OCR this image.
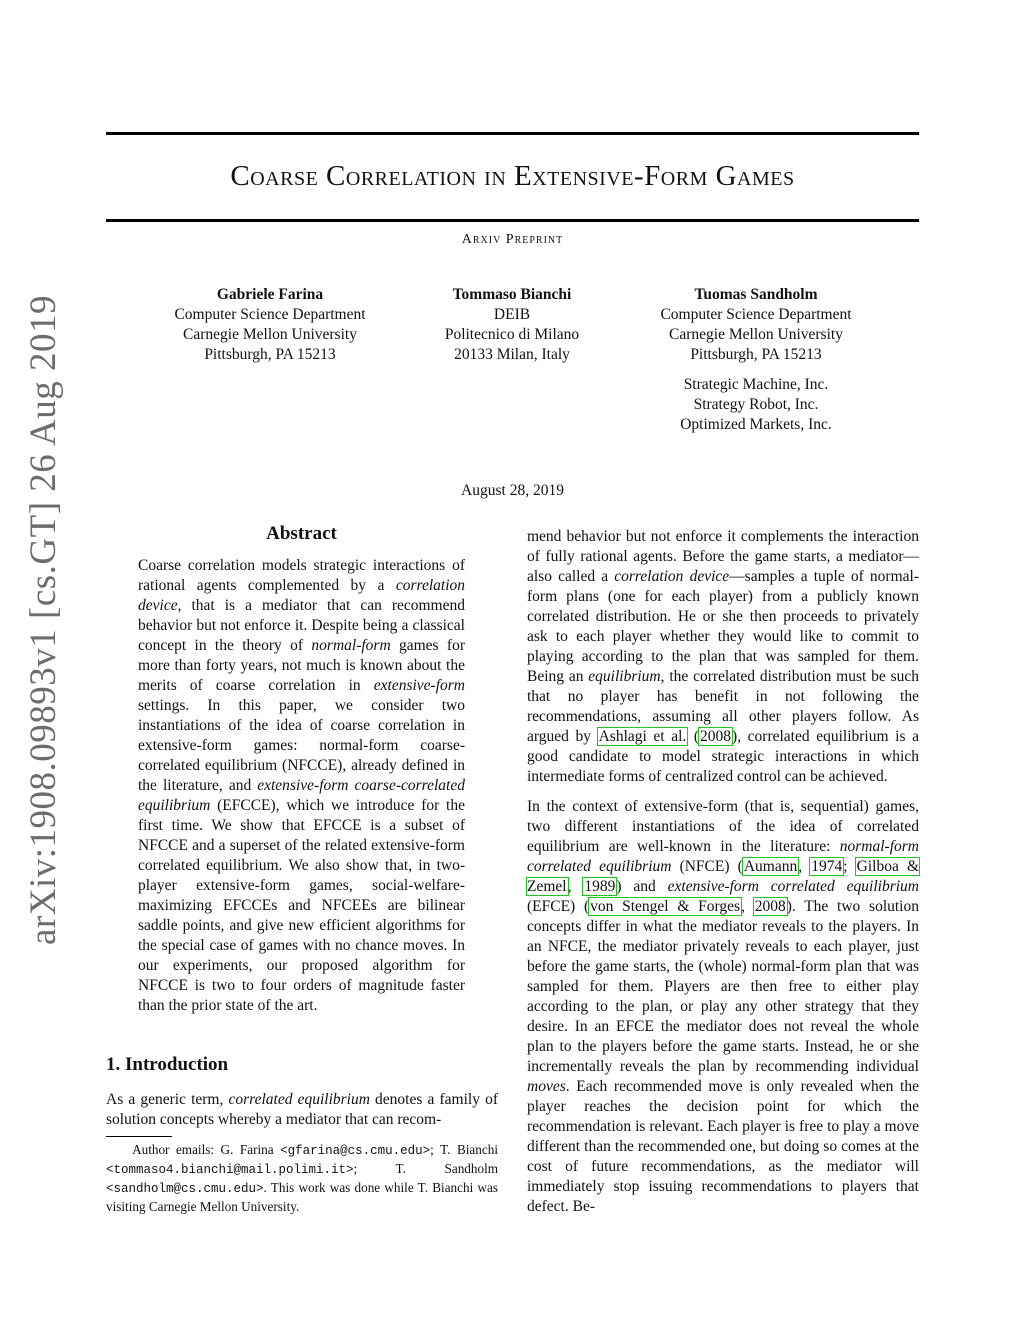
Coarse Correlation in Extensive-Form Games
Arxiv Preprint
Gabriele Farina
Computer Science Department
Carnegie Mellon University
Pittsburgh, PA 15213
Tommaso Bianchi
DEIB
Politecnico di Milano
20133 Milan, Italy
Tuomas Sandholm
Computer Science Department
Carnegie Mellon University
Pittsburgh, PA 15213
Strategic Machine, Inc.
Strategy Robot, Inc.
Optimized Markets, Inc.
August 28, 2019
arXiv:1908.09893v1 [cs.GT] 26 Aug 2019	Abstract
Coarse correlation models strategic interactions of rational agents complemented by a correlation device, that is a mediator that can recommend behavior but not enforce it. Despite being a classical concept in the theory of normal-form games for more than forty years, not much is known about the merits of coarse correlation in extensive-form settings. In this paper, we consider two instantiations of the idea of coarse correlation in extensive-form games: normal-form coarse-correlated equilibrium (NFCCE), already defined in the literature, and extensive-form coarse-correlated equilibrium (EFCCE), which we introduce for the first time. We show that EFCCE is a subset of NFCCE and a superset of the related extensive-form correlated equilibrium. We also show that, in two-player extensive-form games, social-welfare-maximizing EFCCEs and NFCEEs are bilinear saddle points, and give new efficient algorithms for the special case of games with no chance moves. In our experiments, our proposed algorithm for NFCCE is two to four orders of magnitude faster than the prior state of the art.
1. Introduction
As a generic term, correlated equilibrium denotes a family of solution concepts whereby a mediator that can recom-
Author emails: G. Farina <gfarina@cs.cmu.edu>; T. Bianchi <tommaso4.bianchi@mail.polimi.it>; T. Sandholm <sandholm@cs.cmu.edu>. This work was done while T. Bianchi was visiting Carnegie Mellon University.

mend behavior but not enforce it complements the interaction of fully rational agents. Before the game starts, a mediator—also called a correlation device—samples a tuple of normal-form plans (one for each player) from a publicly known correlated distribution. He or she then proceeds to privately ask to each player whether they would like to commit to playing according to the plan that was sampled for them. Being an equilibrium, the correlated distribution must be such that no player has benefit in not following the recommendations, assuming all other players follow. As argued by Ashlagi et al. (2008), correlated equilibrium is a good candidate to model strategic interactions in which intermediate forms of centralized control can be achieved.

In the context of extensive-form (that is, sequential) games, two different instantiations of the idea of correlated equilibrium are well-known in the literature: normal-form correlated equilibrium (NFCE) (Aumann, 1974; Gilboa & Zemel, 1989) and extensive-form correlated equilibrium (EFCE) (von Stengel & Forges, 2008). The two solution concepts differ in what the mediator reveals to the players. In an NFCE, the mediator privately reveals to each player, just before the game starts, the (whole) normal-form plan that was sampled for them. Players are then free to either play according to the plan, or play any other strategy that they desire. In an EFCE the mediator does not reveal the whole plan to the players before the game starts. Instead, he or she incrementally reveals the plan by recommending individual moves. Each recommended move is only revealed when the player reaches the decision point for which the recommendation is relevant. Each player is free to play a move different than the recommended one, but doing so comes at the cost of future recommendations, as the mediator will immediately stop issuing recommendations to players that defect. Be-
